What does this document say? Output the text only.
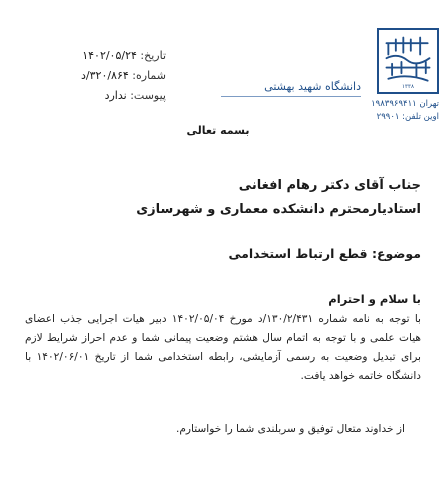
۱۳۳۸
دانشگاه شهید بهشتی
تهران ۱۹۸۳۹۶۹۴۱۱
اوین تلفن: ۲۹۹۰۱
تاریخ: ۱۴۰۲/۰۵/۲۴
شماره: ۳۲۰/۸۶۴/د
پیوست: ندارد
بسمه تعالی
جناب آقای دکتر رهام افغانی
استادیارمحترم دانشکده معماری و شهرسازی
موضوع: قطع ارتباط استخدامی
با سلام و احترام
با توجه به نامه شماره ۱۳۰/۲/۴۳۱/د مورخ ۱۴۰۲/۰۵/۰۴ دبیر هیات اجرایی جذب اعضای هیات علمی و با توجه به اتمام سال هشتم وضعیت پیمانی شما و عدم احراز شرایط لازم برای تبدیل وضعیت به رسمی آزمایشی، رابطه استخدامی شما از تاریخ ۱۴۰۲/۰۶/۰۱ با دانشگاه خاتمه خواهد یافت.
از خداوند متعال توفیق و سربلندی شما را خواستارم.
